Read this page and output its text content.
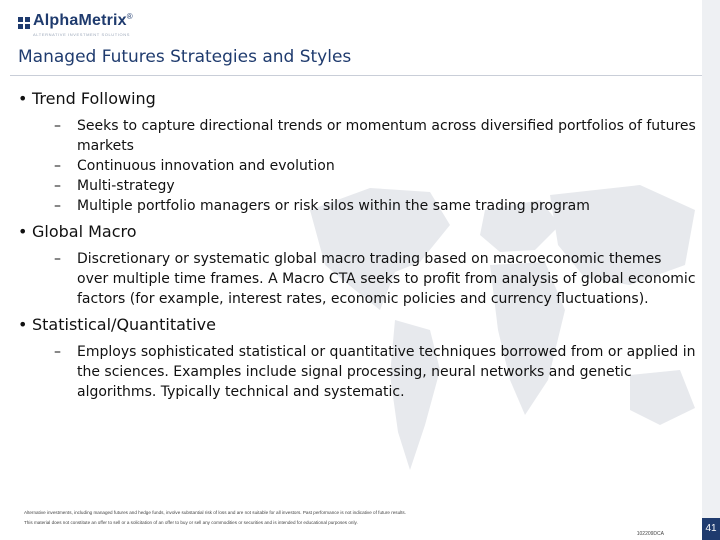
AlphaMetrix®
ALTERNATIVE INVESTMENT SOLUTIONS
Managed Futures Strategies and Styles

• Trend Following

– Seeks to capture directional trends or momentum across diversified portfolios of futures markets

– Continuous innovation and evolution

– Multi-strategy

– Multiple portfolio managers or risk silos within the same trading program

• Global Macro

– Discretionary or systematic global macro trading based on macroeconomic themes over multiple time frames. A Macro CTA seeks to profit from analysis of global economic factors (for example, interest rates, economic policies and currency fluctuations).

• Statistical/Quantitative

– Employs sophisticated statistical or quantitative techniques borrowed from or applied in the sciences. Examples include signal processing, neural networks and genetic algorithms. Typically technical and systematic.

Alternative investments, including managed futures and hedge funds, involve substantial risk of loss and are not suitable for all investors. Past performance is not indicative of future results.
This material does not constitute an offer to sell or a solicitation of an offer to buy or sell any commodities or securities and is intended for educational purposes only.
102209DCA	41
